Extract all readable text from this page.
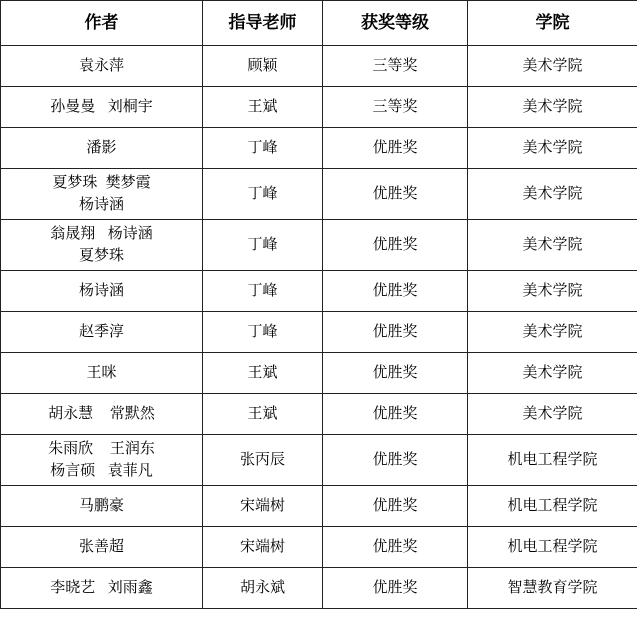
作者	指导老师	获奖等级	学院

袁永萍	顾颖	三等奖	美术学院

孙曼曼   刘桐宇	王斌	三等奖	美术学院

潘影	丁峰	优胜奖	美术学院

夏梦珠  樊梦霞
杨诗涵	丁峰	优胜奖	美术学院

翁晟翔   杨诗涵
夏梦珠	丁峰	优胜奖	美术学院

杨诗涵	丁峰	优胜奖	美术学院

赵季淳	丁峰	优胜奖	美术学院

王咪	王斌	优胜奖	美术学院

胡永慧    常默然	王斌	优胜奖	美术学院

朱雨欣    王润东
杨言硕   袁菲凡	张丙辰	优胜奖	机电工程学院

马鹏豪	宋端树	优胜奖	机电工程学院

张善超	宋端树	优胜奖	机电工程学院

李晓艺   刘雨鑫	胡永斌	优胜奖	智慧教育学院
